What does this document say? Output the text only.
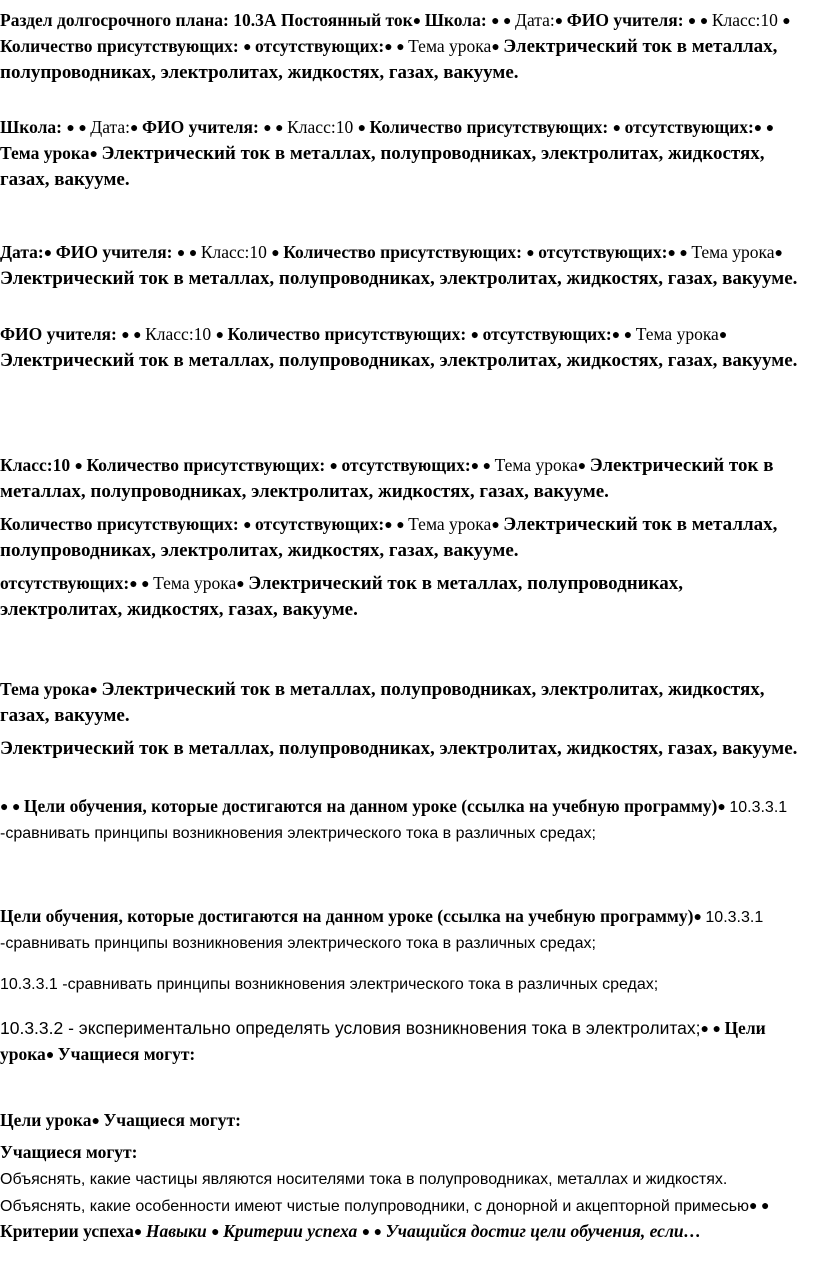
Раздел долгосрочного плана: 10.3А Постоянный ток● Школа: ● ● Дата:● ФИО учителя: ● ● Класс:10 ● Количество присутствующих: ● отсутствующих:● ● Тема урока● Электрический ток в металлах, полупроводниках, электролитах, жидкостях, газах, вакууме.

Школа: ● ● Дата:● ФИО учителя: ● ● Класс:10 ● Количество присутствующих: ● отсутствующих:● ● Тема урока● Электрический ток в металлах, полупроводниках, электролитах, жидкостях, газах, вакууме.

Дата:● ФИО учителя: ● ● Класс:10 ● Количество присутствующих: ● отсутствующих:● ● Тема урока● Электрический ток в металлах, полупроводниках, электролитах, жидкостях, газах, вакууме.

ФИО учителя: ● ● Класс:10 ● Количество присутствующих: ● отсутствующих:● ● Тема урока● Электрический ток в металлах, полупроводниках, электролитах, жидкостях, газах, вакууме.

Класс:10 ● Количество присутствующих: ● отсутствующих:● ● Тема урока● Электрический ток в металлах, полупроводниках, электролитах, жидкостях, газах, вакууме.

Количество присутствующих: ● отсутствующих:● ● Тема урока● Электрический ток в металлах, полупроводниках, электролитах, жидкостях, газах, вакууме.

отсутствующих:● ● Тема урока● Электрический ток в металлах, полупроводниках, электролитах, жидкостях, газах, вакууме.

Тема урока● Электрический ток в металлах, полупроводниках, электролитах, жидкостях, газах, вакууме.

Электрический ток в металлах, полупроводниках, электролитах, жидкостях, газах, вакууме.

● ● Цели обучения, которые достигаются на данном уроке (ссылка на учебную программу)● 10.3.3.1 -сравнивать принципы возникновения электрического тока в различных средах;

Цели обучения, которые достигаются на данном уроке (ссылка на учебную программу)● 10.3.3.1 -сравнивать принципы возникновения электрического тока в различных средах;

10.3.3.1 -сравнивать принципы возникновения электрического тока в различных средах;

10.3.3.2 - экспериментально определять условия возникновения тока в электролитах;● ● Цели урока● Учащиеся могут:

Цели урока● Учащиеся могут:

Учащиеся могут:

Объяснять, какие частицы являются носителями тока в полупроводниках, металлах и жидкостях.

Объяснять, какие особенности имеют чистые полупроводники, с донорной и акцепторной примесью● ● Критерии успеха● Навыки ● Критерии успеха ● ● Учащийся достиг цели обучения, если…
